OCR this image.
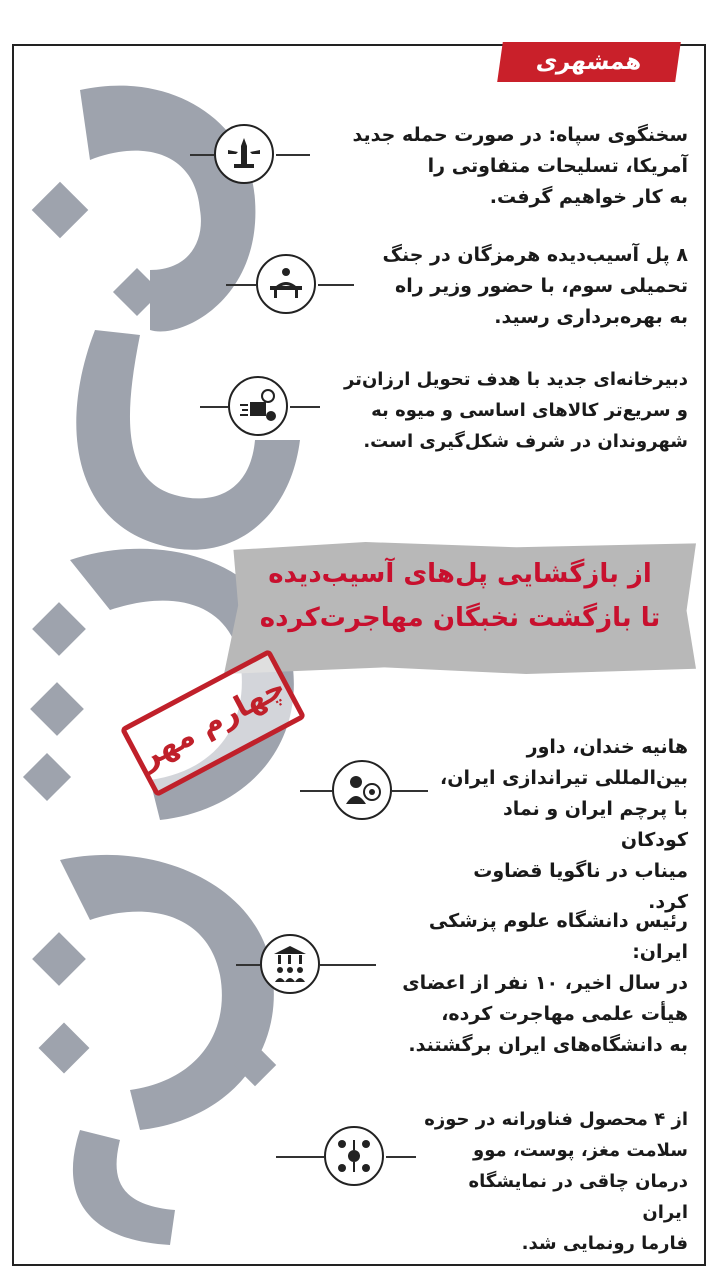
همشهری
سخنگوی سپاه: در صورت حمله جدید
آمریکا، تسلیحات متفاوتی را
به کار خواهیم گرفت.
۸ پل آسیب‌دیده هرمزگان در جنگ
تحمیلی سوم، با حضور وزیر راه
به بهره‌برداری رسید.
دبیرخانه‌ای جدید با هدف تحویل ارزان‌تر
و سریع‌تر کالاهای اساسی و میوه به
شهروندان در شرف شکل‌گیری است.
از بازگشایی پل‌های آسیب‌دیده
تا بازگشت نخبگان مهاجرت‌کرده
چهارم مهر	هانیه خندان، داور
بین‌المللی تیراندازی ایران،
با پرچم ایران و نماد کودکان
میناب در ناگویا قضاوت کرد.
رئیس دانشگاه علوم پزشکی ایران:
در سال اخیر، ۱۰ نفر از اعضای
هیأت علمی مهاجرت کرده،
به دانشگاه‌های ایران برگشتند.
از ۴ محصول فناورانه در حوزه
سلامت مغز، پوست، موو
درمان چاقی در نمایشگاه ایران
فارما رونمایی شد.
